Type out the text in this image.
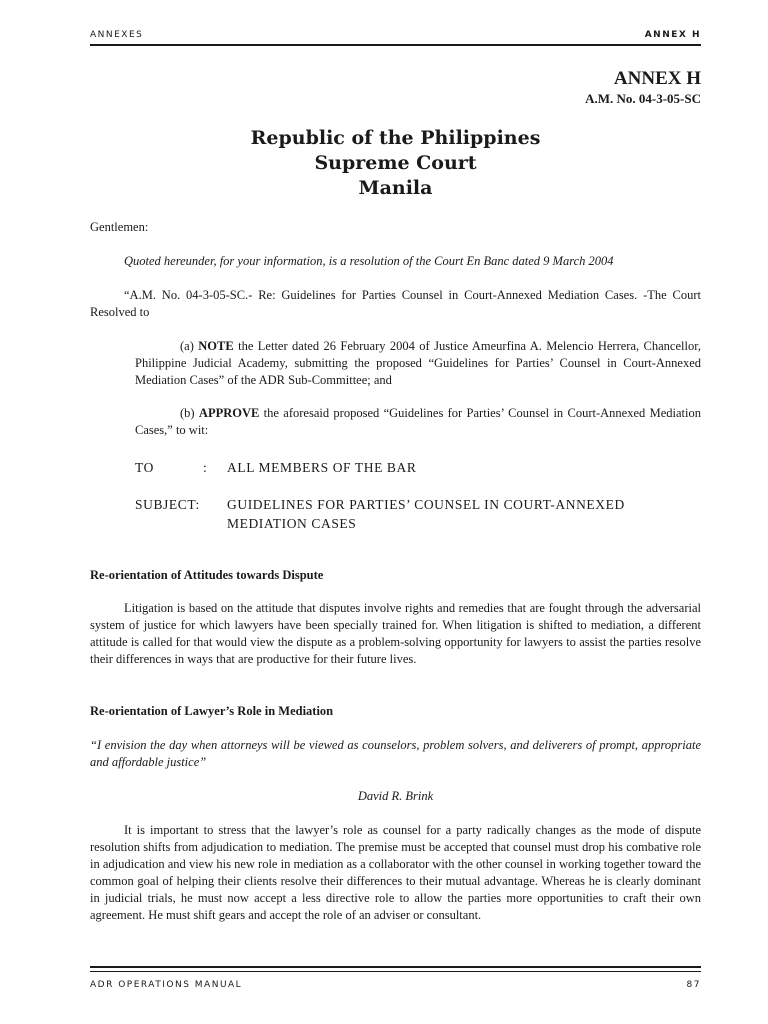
ANNEXES	ANNEX H
ANNEX H
A.M. No. 04-3-05-SC
Republic of the Philippines
Supreme Court
Manila
Gentlemen:
Quoted hereunder, for your information, is a resolution of the Court En Banc dated 9 March 2004
“A.M. No. 04-3-05-SC.- Re: Guidelines for Parties Counsel in Court-Annexed Mediation Cases. -The Court Resolved to
(a) NOTE the Letter dated 26 February 2004 of Justice Ameurfina A. Melencio Herrera, Chancellor, Philippine Judicial Academy, submitting the proposed “Guidelines for Parties’ Counsel in Court-Annexed Mediation Cases” of the ADR Sub-Committee; and
(b) APPROVE the aforesaid proposed “Guidelines for Parties’ Counsel in Court-Annexed Mediation Cases,” to wit:
TO	: ALL MEMBERS OF THE BAR
SUBJECT: GUIDELINES FOR PARTIES’ COUNSEL IN COURT-ANNEXED MEDIATION CASES
Re-orientation of Attitudes towards Dispute
Litigation is based on the attitude that disputes involve rights and remedies that are fought through the adversarial system of justice for which lawyers have been specially trained for. When litigation is shifted to mediation, a different attitude is called for that would view the dispute as a problem-solving opportunity for lawyers to assist the parties resolve their differences in ways that are productive for their future lives.
Re-orientation of Lawyer’s Role in Mediation
“I envision the day when attorneys will be viewed as counselors, problem solvers, and deliverers of prompt, appropriate and affordable justice”
David R. Brink
It is important to stress that the lawyer’s role as counsel for a party radically changes as the mode of dispute resolution shifts from adjudication to mediation. The premise must be accepted that counsel must drop his combative role in adjudication and view his new role in mediation as a collaborator with the other counsel in working together toward the common goal of helping their clients resolve their differences to their mutual advantage. Whereas he is clearly dominant in judicial trials, he must now accept a less directive role to allow the parties more opportunities to craft their own agreement. He must shift gears and accept the role of an adviser or consultant.
ADR OPERATIONS MANUAL	87
